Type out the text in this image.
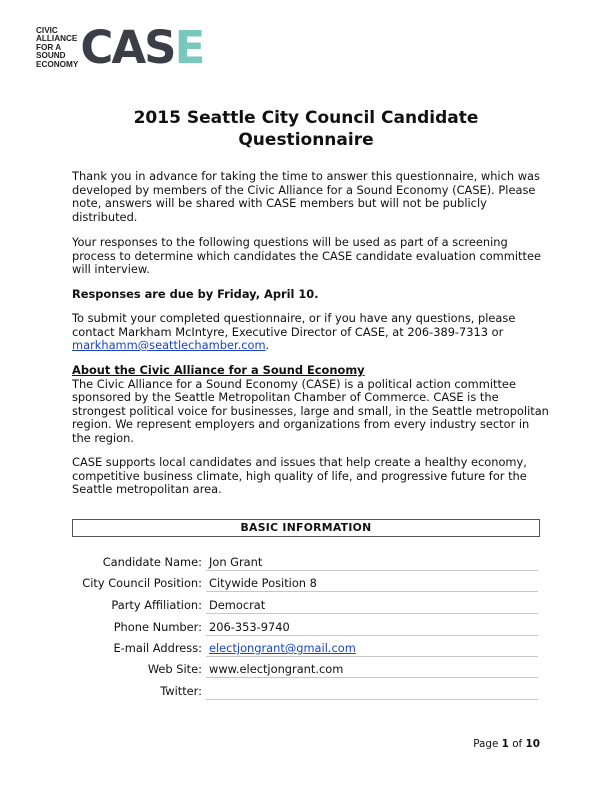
CIVIC
ALLIANCE
FOR A
SOUND
ECONOMY CASE
2015 Seattle City Council Candidate
Questionnaire

Thank you in advance for taking the time to answer this questionnaire, which was developed by members of the Civic Alliance for a Sound Economy (CASE). Please note, answers will be shared with CASE members but will not be publicly distributed.

Your responses to the following questions will be used as part of a screening process to determine which candidates the CASE candidate evaluation committee will interview.

Responses are due by Friday, April 10.

To submit your completed questionnaire, or if you have any questions, please contact Markham McIntyre, Executive Director of CASE, at 206-389-7313 or markhamm@seattlechamber.com.

About the Civic Alliance for a Sound Economy
The Civic Alliance for a Sound Economy (CASE) is a political action committee sponsored by the Seattle Metropolitan Chamber of Commerce. CASE is the strongest political voice for businesses, large and small, in the Seattle metropolitan region. We represent employers and organizations from every industry sector in the region.

CASE supports local candidates and issues that help create a healthy economy, competitive business climate, high quality of life, and progressive future for the Seattle metropolitan area.

BASIC INFORMATION
Candidate Name: Jon Grant
City Council Position: Citywide Position 8
Party Affiliation: Democrat
Phone Number: 206-353-9740
E-mail Address: electjongrant@gmail.com
Web Site: www.electjongrant.com
Twitter:
Page 1 of 10
